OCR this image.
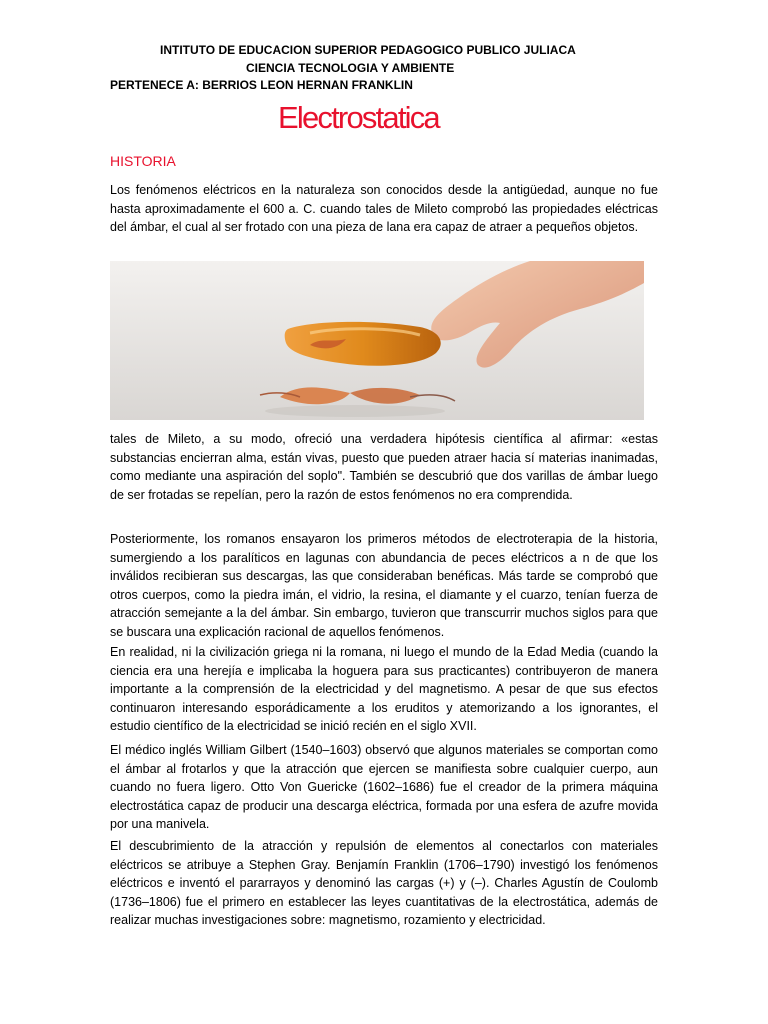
INTITUTO DE EDUCACION SUPERIOR PEDAGOGICO PUBLICO JULIACA
CIENCIA TECNOLOGIA Y AMBIENTE
PERTENECE A: BERRIOS LEON HERNAN FRANKLIN
Electrostatica
HISTORIA

Los fenómenos eléctricos en la naturaleza son conocidos desde la antigüedad, aunque no fue hasta aproximadamente el 600 a. C. cuando tales de Mileto comprobó las propiedades eléctricas del ámbar, el cual al ser frotado con una pieza de lana era capaz de atraer a pequeños objetos.

tales de Mileto, a su modo, ofreció una verdadera hipótesis científica al afirmar: «estas substancias encierran alma, están vivas, puesto que pueden atraer hacia sí materias inanimadas, como mediante una aspiración del soplo". También se descubrió que dos varillas de ámbar luego de ser frotadas se repelían, pero la razón de estos fenómenos no era comprendida.

Posteriormente, los romanos ensayaron los primeros métodos de electroterapia de la historia, sumergiendo a los paralíticos en lagunas con abundancia de peces eléctricos a n de que los inválidos recibieran sus descargas, las que consideraban benéficas. Más tarde se comprobó que otros cuerpos, como la piedra imán, el vidrio, la resina, el diamante y el cuarzo, tenían fuerza de atracción semejante a la del ámbar. Sin embargo, tuvieron que transcurrir muchos siglos para que se buscara una explicación racional de aquellos fenómenos.

En realidad, ni la civilización griega ni la romana, ni luego el mundo de la Edad Media (cuando la ciencia era una herejía e implicaba la hoguera para sus practicantes) contribuyeron de manera importante a la comprensión de la electricidad y del magnetismo. A pesar de que sus efectos continuaron interesando esporádicamente a los eruditos y atemorizando a los ignorantes, el estudio científico de la electricidad se inició recién en el siglo XVII.

El médico inglés William Gilbert (1540–1603) observó que algunos materiales se comportan como el ámbar al frotarlos y que la atracción que ejercen se manifiesta sobre cualquier cuerpo, aun cuando no fuera ligero. Otto Von Guericke (1602–1686) fue el creador de la primera máquina electrostática capaz de producir una descarga eléctrica, formada por una esfera de azufre movida por una manivela.

El descubrimiento de la atracción y repulsión de elementos al conectarlos con materiales eléctricos se atribuye a Stephen Gray. Benjamín Franklin (1706–1790) investigó los fenómenos eléctricos e inventó el pararrayos y denominó las cargas (+) y (–). Charles Agustín de Coulomb (1736–1806) fue el primero en establecer las leyes cuantitativas de la electrostática, además de realizar muchas investigaciones sobre: magnetismo, rozamiento y electricidad.
